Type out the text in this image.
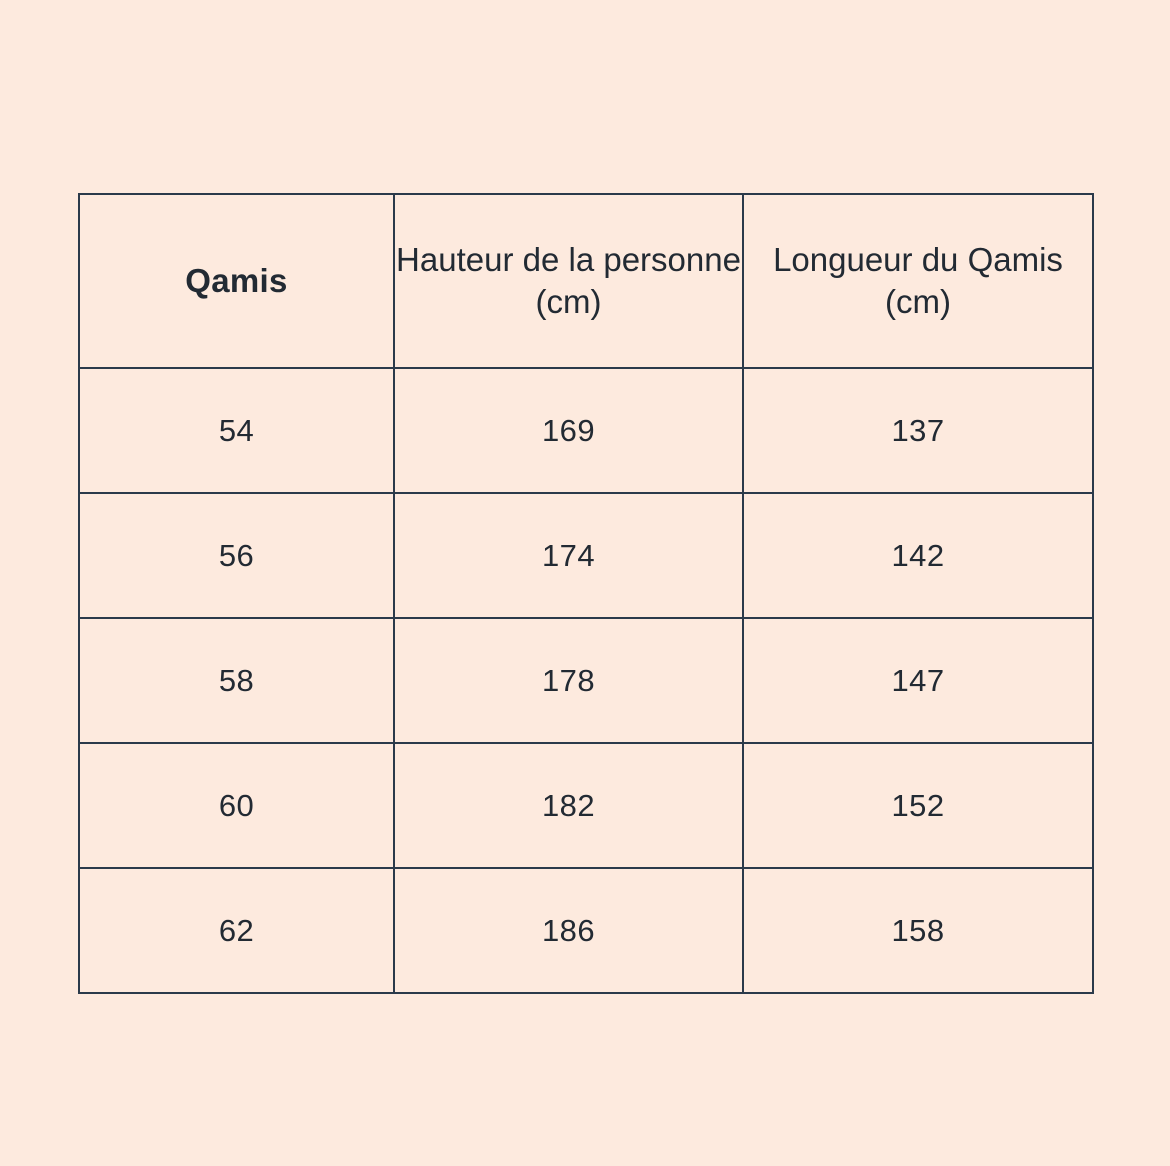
Qamis	Hauteur de la personne (cm)	Longueur du Qamis (cm)
54	169	137
56	174	142
58	178	147
60	182	152
62	186	158
